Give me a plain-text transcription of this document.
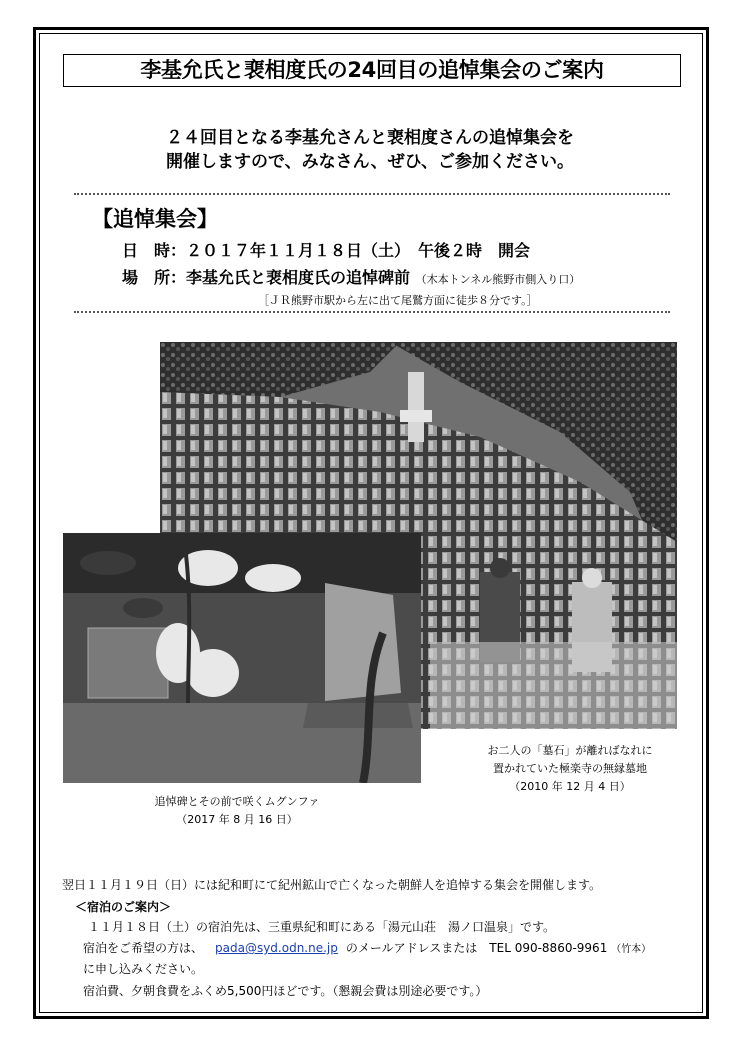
李基允氏と裵相度氏の24回目の追悼集会のご案内
２４回目となる李基允さんと裵相度さんの追悼集会を
開催しますので、みなさん、ぜひ、ご参加ください。
【追悼集会】
日　時：２０１７年１１月１８日（土）　午後２時　開会
場　所：李基允氏と裵相度氏の追悼碑前 （木本トンネル熊野市側入り口）
［ＪＲ熊野市駅から左に出て尾鷲方面に徒歩８分です。］
お二人の「墓石」が離ればなれに
置かれていた極楽寺の無縁墓地
（2010 年 12 月 4 日）
追悼碑とその前で咲くムグンファ
（2017 年 8 月 16 日）
翌日１１月１９日（日）には紀和町にて紀州鉱山で亡くなった朝鮮人を追悼する集会を開催します。
＜宿泊のご案内＞
１１月１８日（土）の宿泊先は、三重県紀和町にある「湯元山荘　湯ノ口温泉」です。
宿泊をご希望の方は、 pada@syd.odn.ne.jp のメールアドレスまたは　TEL 090-8860-9961 （竹本）
に申し込みください。
宿泊費、夕朝食費をふくめ5,500円ほどです。（懇親会費は別途必要です。）
